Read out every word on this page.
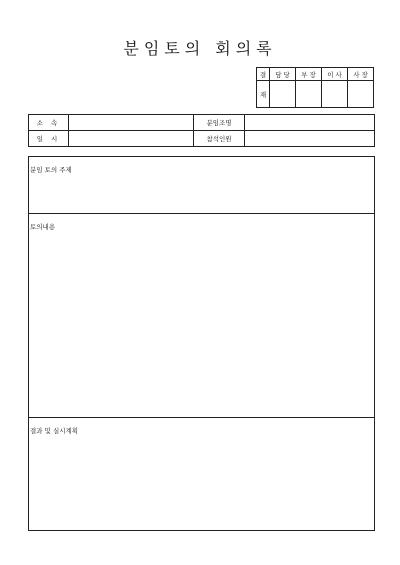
분임토의 회의록
결	담 당	부 장	이 사	사 장
재				
소 속		분임조명	
일 시		참석인원	
분임 토의 주제
토의내용
결과 및 실시계획
